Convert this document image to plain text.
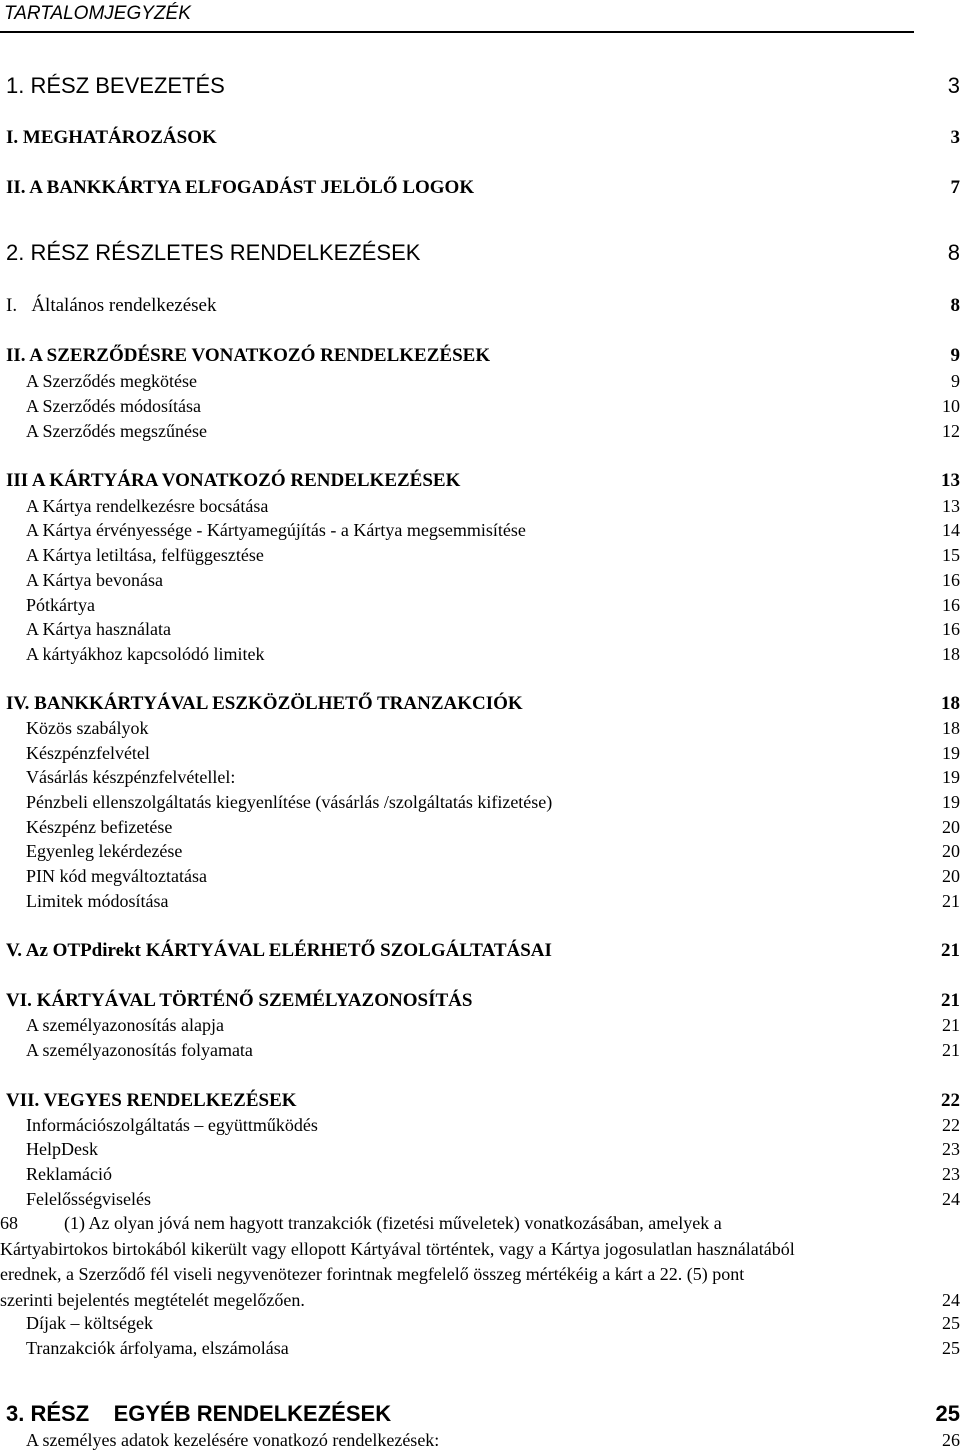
TARTALOMJEGYZÉK
1. RÉSZ BEVEZETÉS	3
I. MEGHATÁROZÁSOK	3
II. A BANKKÁRTYA ELFOGADÁST JELÖLŐ LOGOK	7
2. RÉSZ RÉSZLETES RENDELKEZÉSEK	8
I.   Általános rendelkezések	8
II. A SZERZŐDÉSRE VONATKOZÓ RENDELKEZÉSEK	9
A Szerződés megkötése	9
A Szerződés módosítása	10
A Szerződés megszűnése	12
III A KÁRTYÁRA VONATKOZÓ RENDELKEZÉSEK	13
A Kártya rendelkezésre bocsátása	13
A Kártya érvényessége - Kártyamegújítás - a Kártya megsemmisítése	14
A Kártya letiltása, felfüggesztése	15
A Kártya bevonása	16
Pótkártya	16
A Kártya használata	16
A kártyákhoz kapcsolódó limitek	18
IV. BANKKÁRTYÁVAL ESZKÖZÖLHETŐ TRANZAKCIÓK	18
Közös szabályok	18
Készpénzfelvétel	19
Vásárlás készpénzfelvétellel:	19
Pénzbeli ellenszolgáltatás kiegyenlítése (vásárlás /szolgáltatás kifizetése)	19
Készpénz befizetése	20
Egyenleg lekérdezése	20
PIN kód megváltoztatása	20
Limitek módosítása	21
V. Az OTPdirekt KÁRTYÁVAL ELÉRHETŐ SZOLGÁLTATÁSAI	21
VI. KÁRTYÁVAL TÖRTÉNŐ SZEMÉLYAZONOSÍTÁS	21
A személyazonosítás alapja	21
A személyazonosítás folyamata	21
VII. VEGYES RENDELKEZÉSEK	22
Információszolgáltatás – együttműködés	22
HelpDesk	23
Reklamáció	23
Felelősségviselés	24
68	(1) Az olyan jóvá nem hagyott tranzakciók (fizetési műveletek) vonatkozásában, amelyek a
Kártyabirtokos birtokából kikerült vagy ellopott Kártyával történtek, vagy a Kártya jogosulatlan használatából
erednek, a Szerződő fél viseli negyvenötezer forintnak megfelelő összeg mértékéig a kárt a 22. (5) pont
szerinti bejelentés megtételét megelőzően.	24
Díjak – költségek	25
Tranzakciók árfolyama, elszámolása	25
3. RÉSZ    EGYÉB RENDELKEZÉSEK	25
A személyes adatok kezelésére vonatkozó rendelkezések:	26
